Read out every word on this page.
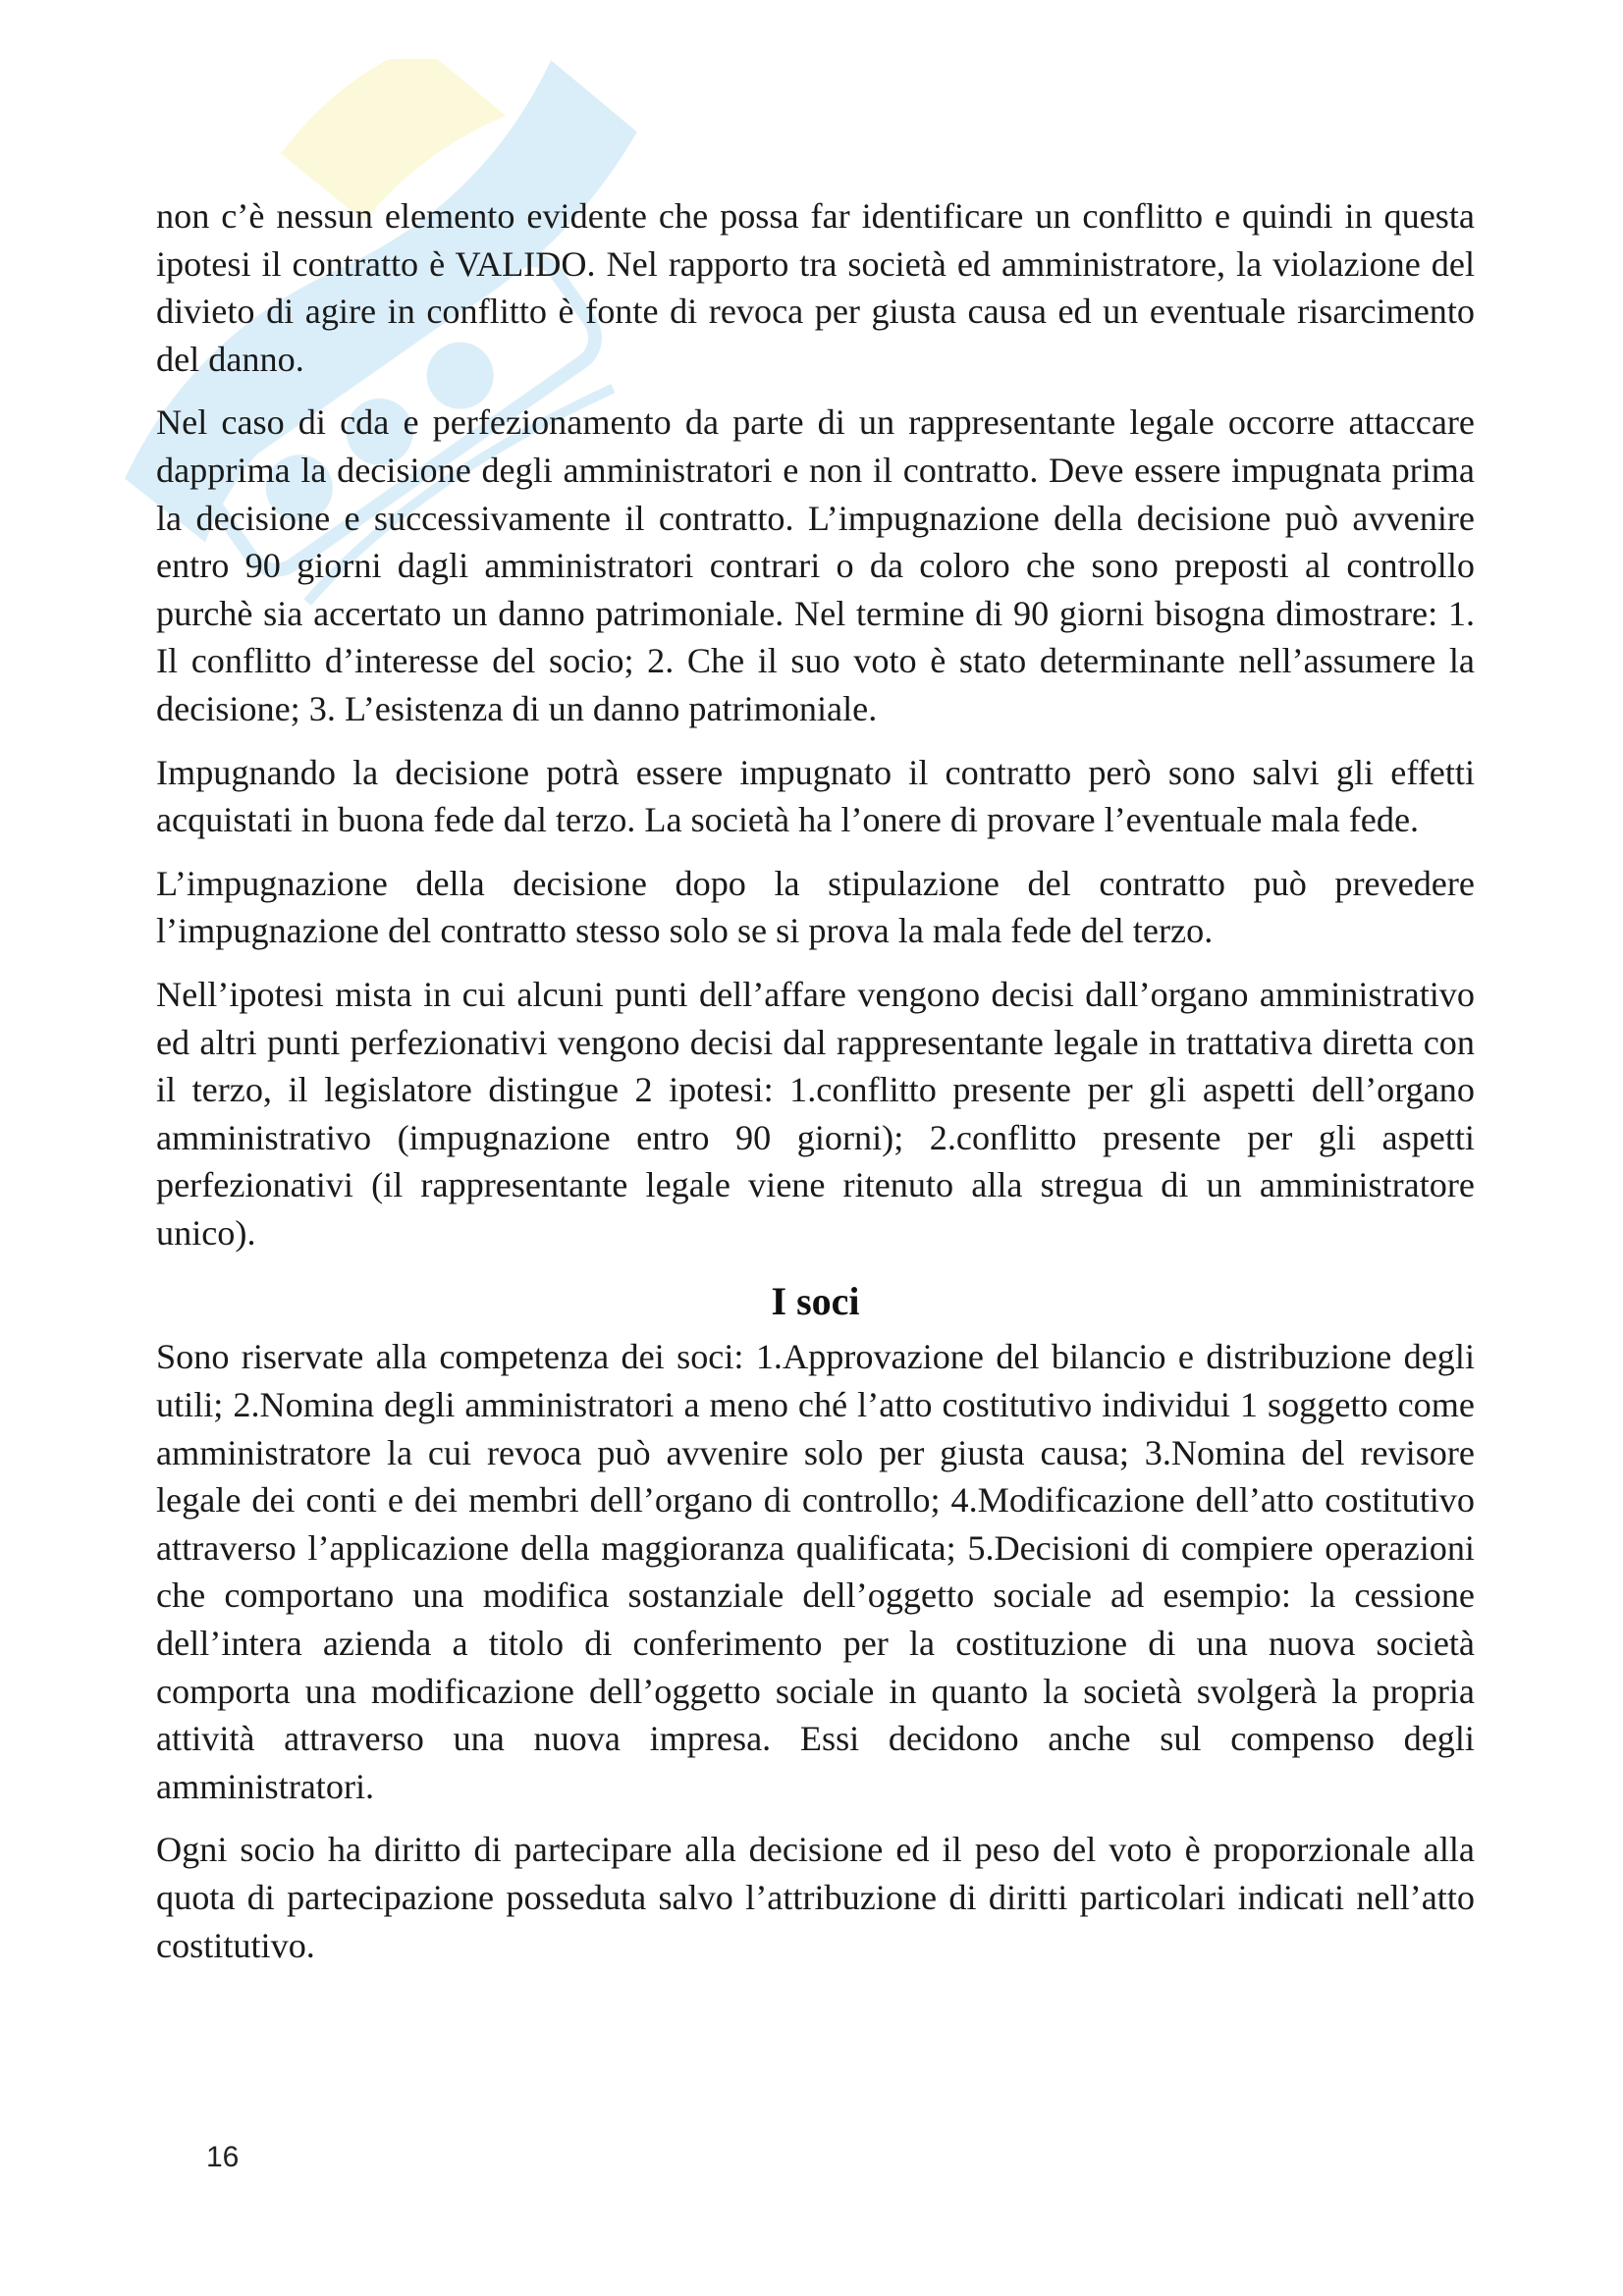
non c’è nessun elemento evidente che possa far identificare un conflitto e quindi in questa ipotesi il contratto è VALIDO. Nel rapporto tra società ed amministratore, la violazione del divieto di agire in conflitto è fonte di revoca per giusta causa ed un eventuale risarcimento del danno.

Nel caso di cda e perfezionamento da parte di un rappresentante legale occorre attaccare dapprima la decisione degli amministratori e non il contratto. Deve essere impugnata prima la decisione e successivamente il contratto. L’impugnazione della decisione può avvenire entro 90 giorni dagli amministratori contrari o da coloro che sono preposti al controllo purchè sia accertato un danno patrimoniale. Nel termine di 90 giorni bisogna dimostrare: 1. Il conflitto d’interesse del socio; 2. Che il suo voto è stato determinante nell’assumere la decisione; 3. L’esistenza di un danno patrimoniale.

Impugnando la decisione potrà essere impugnato il contratto però sono salvi gli effetti acquistati in buona fede dal terzo. La società ha l’onere di provare l’eventuale mala fede.

L’impugnazione della decisione dopo la stipulazione del contratto può prevedere l’impugnazione del contratto stesso solo se si prova la mala fede del terzo.

Nell’ipotesi mista in cui alcuni punti dell’affare vengono decisi dall’organo amministrativo ed altri punti perfezionativi vengono decisi dal rappresentante legale in trattativa diretta con il terzo, il legislatore distingue 2 ipotesi: 1.conflitto presente per gli aspetti dell’organo amministrativo (impugnazione entro 90 giorni); 2.conflitto presente per gli aspetti perfezionativi (il rappresentante legale viene ritenuto alla stregua di un amministratore unico).

I soci

Sono riservate alla competenza dei soci: 1.Approvazione del bilancio e distribuzione degli utili; 2.Nomina degli amministratori a meno ché l’atto costitutivo individui 1 soggetto come amministratore la cui revoca può avvenire solo per giusta causa; 3.Nomina del revisore legale dei conti e dei membri dell’organo di controllo; 4.Modificazione dell’atto costitutivo attraverso l’applicazione della maggioranza qualificata; 5.Decisioni di compiere operazioni che comportano una modifica sostanziale dell’oggetto sociale ad esempio: la cessione dell’intera azienda a titolo di conferimento per la costituzione di una nuova società comporta una modificazione dell’oggetto sociale in quanto la società svolgerà la propria attività attraverso una nuova impresa. Essi decidono anche sul compenso degli amministratori.

Ogni socio ha diritto di partecipare alla decisione ed il peso del voto è proporzionale alla quota di partecipazione posseduta salvo l’attribuzione di diritti particolari indicati nell’atto costitutivo.

16
